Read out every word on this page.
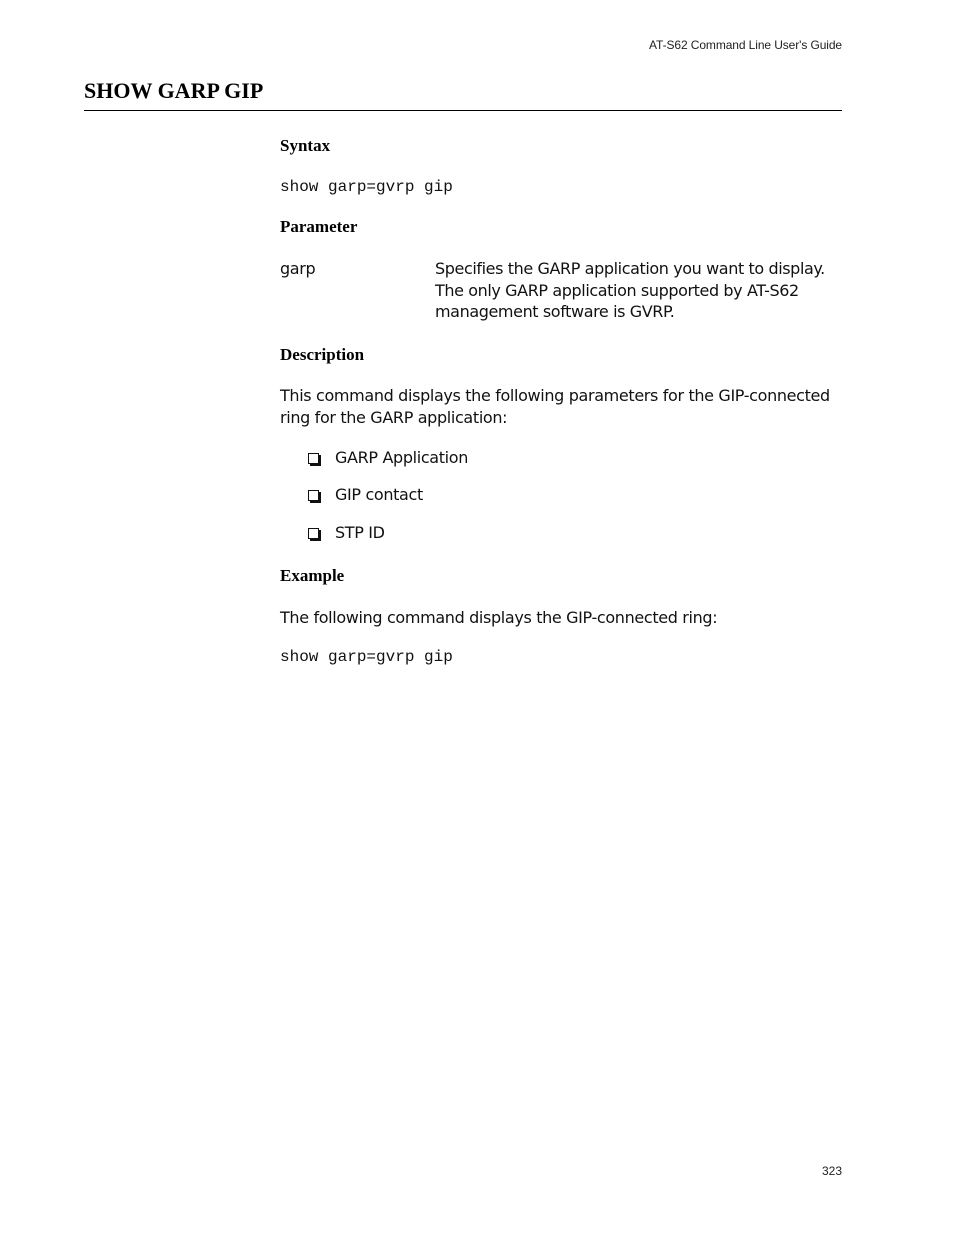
AT-S62 Command Line User's Guide
SHOW GARP GIP
Syntax
show garp=gvrp gip
Parameter

garp	Specifies the GARP application you want to display. The only GARP application supported by AT-S62 management software is GVRP.

Description

This command displays the following parameters for the GIP-connected ring for the GARP application:

GARP Application
GIP contact
STP ID
Example

The following command displays the GIP-connected ring:

show garp=gvrp gip
323
